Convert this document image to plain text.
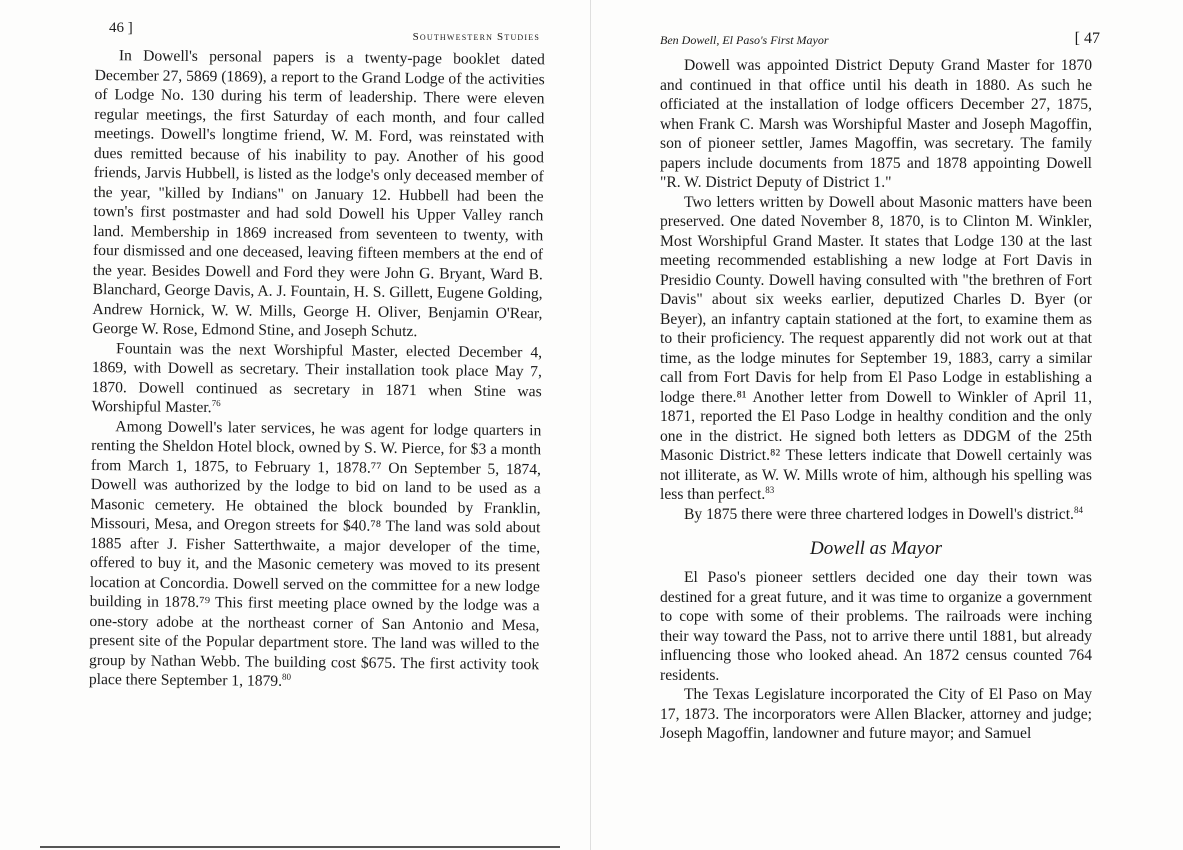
46 ]
Southwestern Studies

In Dowell's personal papers is a twenty-page booklet dated December 27, 5869 (1869), a report to the Grand Lodge of the activities of Lodge No. 130 during his term of leadership. There were eleven regular meetings, the first Saturday of each month, and four called meetings. Dowell's longtime friend, W. M. Ford, was reinstated with dues remitted because of his inability to pay. Another of his good friends, Jarvis Hubbell, is listed as the lodge's only deceased member of the year, "killed by Indians" on January 12. Hubbell had been the town's first postmaster and had sold Dowell his Upper Valley ranch land. Membership in 1869 increased from seventeen to twenty, with four dismissed and one deceased, leaving fifteen members at the end of the year. Besides Dowell and Ford they were John G. Bryant, Ward B. Blanchard, George Davis, A. J. Fountain, H. S. Gillett, Eugene Golding, Andrew Hornick, W. W. Mills, George H. Oliver, Benjamin O'Rear, George W. Rose, Edmond Stine, and Joseph Schutz.

Fountain was the next Worshipful Master, elected December 4, 1869, with Dowell as secretary. Their installation took place May 7, 1870. Dowell continued as secretary in 1871 when Stine was Worshipful Master.$^{76}$

Among Dowell's later services, he was agent for lodge quarters in renting the Sheldon Hotel block, owned by S. W. Pierce, for $3 a month from March 1, 1875, to February 1, 1878.⁷⁷ On September 5, 1874, Dowell was authorized by the lodge to bid on land to be used as a Masonic cemetery. He obtained the block bounded by Franklin, Missouri, Mesa, and Oregon streets for $40.⁷⁸ The land was sold about 1885 after J. Fisher Satterthwaite, a major developer of the time, offered to buy it, and the Masonic cemetery was moved to its present location at Concordia. Dowell served on the committee for a new lodge building in 1878.⁷⁹ This first meeting place owned by the lodge was a one-story adobe at the northeast corner of San Antonio and Mesa, present site of the Popular department store. The land was willed to the group by Nathan Webb. The building cost $675. The first activity took place there September 1, 1879.80

Ben Dowell, El Paso's First Mayor	[ 47

Dowell was appointed District Deputy Grand Master for 1870 and continued in that office until his death in 1880. As such he officiated at the installation of lodge officers December 27, 1875, when Frank C. Marsh was Worshipful Master and Joseph Magoffin, son of pioneer settler, James Magoffin, was secretary. The family papers include documents from 1875 and 1878 appointing Dowell "R. W. District Deputy of District 1."

Two letters written by Dowell about Masonic matters have been preserved. One dated November 8, 1870, is to Clinton M. Winkler, Most Worshipful Grand Master. It states that Lodge 130 at the last meeting recommended establishing a new lodge at Fort Davis in Presidio County. Dowell having consulted with "the brethren of Fort Davis" about six weeks earlier, deputized Charles D. Byer (or Beyer), an infantry captain stationed at the fort, to examine them as to their proficiency. The request apparently did not work out at that time, as the lodge minutes for September 19, 1883, carry a similar call from Fort Davis for help from El Paso Lodge in establishing a lodge there.⁸¹ Another letter from Dowell to Winkler of April 11, 1871, reported the El Paso Lodge in healthy condition and the only one in the district. He signed both letters as DDGM of the 25th Masonic District.⁸² These letters indicate that Dowell certainly was not illiterate, as W. W. Mills wrote of him, although his spelling was less than perfect.$^{83}$

By 1875 there were three chartered lodges in Dowell's district.$^{84}$

Dowell as Mayor

El Paso's pioneer settlers decided one day their town was destined for a great future, and it was time to organize a government to cope with some of their problems. The railroads were inching their way toward the Pass, not to arrive there until 1881, but already influencing those who looked ahead. An 1872 census counted 764 residents.

The Texas Legislature incorporated the City of El Paso on May 17, 1873. The incorporators were Allen Blacker, attorney and judge; Joseph Magoffin, landowner and future mayor; and Samuel
